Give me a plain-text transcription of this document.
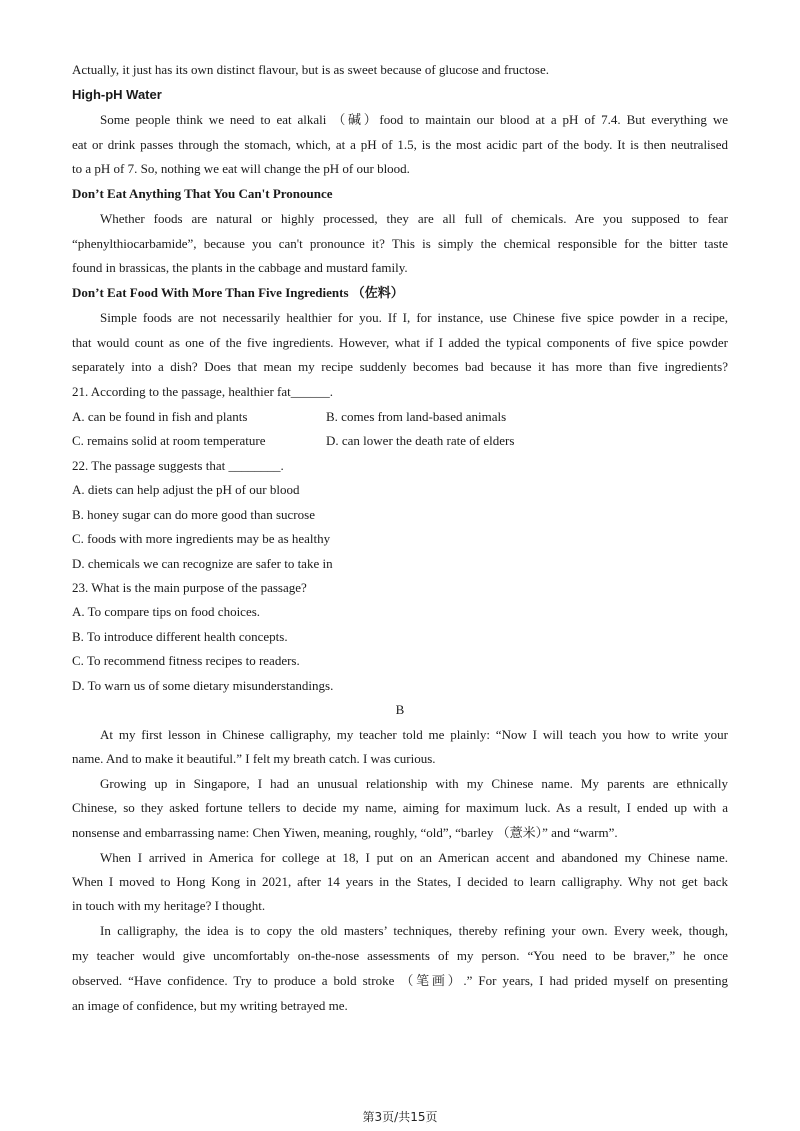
Actually, it just has its own distinct flavour, but is as sweet because of glucose and fructose.
High-pH Water
Some people think we need to eat alkali （碱）food to maintain our blood at a pH of 7.4. But everything we
eat or drink passes through the stomach, which, at a pH of 1.5, is the most acidic part of the body. It is then neutralised
to a pH of 7. So, nothing we eat will change the pH of our blood.
Don’t Eat Anything That You Can't Pronounce
Whether foods are natural or highly processed, they are all full of chemicals. Are you supposed to fear
“phenylthiocarbamide”, because you can't pronounce it? This is simply the chemical responsible for the bitter taste
found in brassicas, the plants in the cabbage and mustard family.
Don’t Eat Food With More Than Five Ingredients （佐料）
Simple foods are not necessarily healthier for you. If I, for instance, use Chinese five spice powder in a recipe,
that would count as one of the five ingredients. However, what if I added the typical components of five spice powder
separately into a dish? Does that mean my recipe suddenly becomes bad because it has more than five ingredients?
21. According to the passage, healthier fat______.
A. can be found in fish and plants	B. comes from land-based animals
C. remains solid at room temperature	D. can lower the death rate of elders
22. The passage suggests that ________.
A. diets can help adjust the pH of our blood
B. honey sugar can do more good than sucrose
C. foods with more ingredients may be as healthy
D. chemicals we can recognize are safer to take in
23. What is the main purpose of the passage?
A. To compare tips on food choices.
B. To introduce different health concepts.
C. To recommend fitness recipes to readers.
D. To warn us of some dietary misunderstandings.
B
At my first lesson in Chinese calligraphy, my teacher told me plainly: “Now I will teach you how to write your
name. And to make it beautiful.” I felt my breath catch. I was curious.
Growing up in Singapore, I had an unusual relationship with my Chinese name. My parents are ethnically
Chinese, so they asked fortune tellers to decide my name, aiming for maximum luck. As a result, I ended up with a
nonsense and embarrassing name: Chen Yiwen, meaning, roughly, “old”, “barley （薏米）” and “warm”.
When I arrived in America for college at 18, I put on an American accent and abandoned my Chinese name.
When I moved to Hong Kong in 2021, after 14 years in the States, I decided to learn calligraphy. Why not get back
in touch with my heritage? I thought.
In calligraphy, the idea is to copy the old masters’ techniques, thereby refining your own. Every week, though,
my teacher would give uncomfortably on-the-nose assessments of my person. “You need to be braver,” he once
observed. “Have confidence. Try to produce a bold stroke （笔画）.” For years, I had prided myself on presenting
an image of confidence, but my writing betrayed me.
第3页/共15页
